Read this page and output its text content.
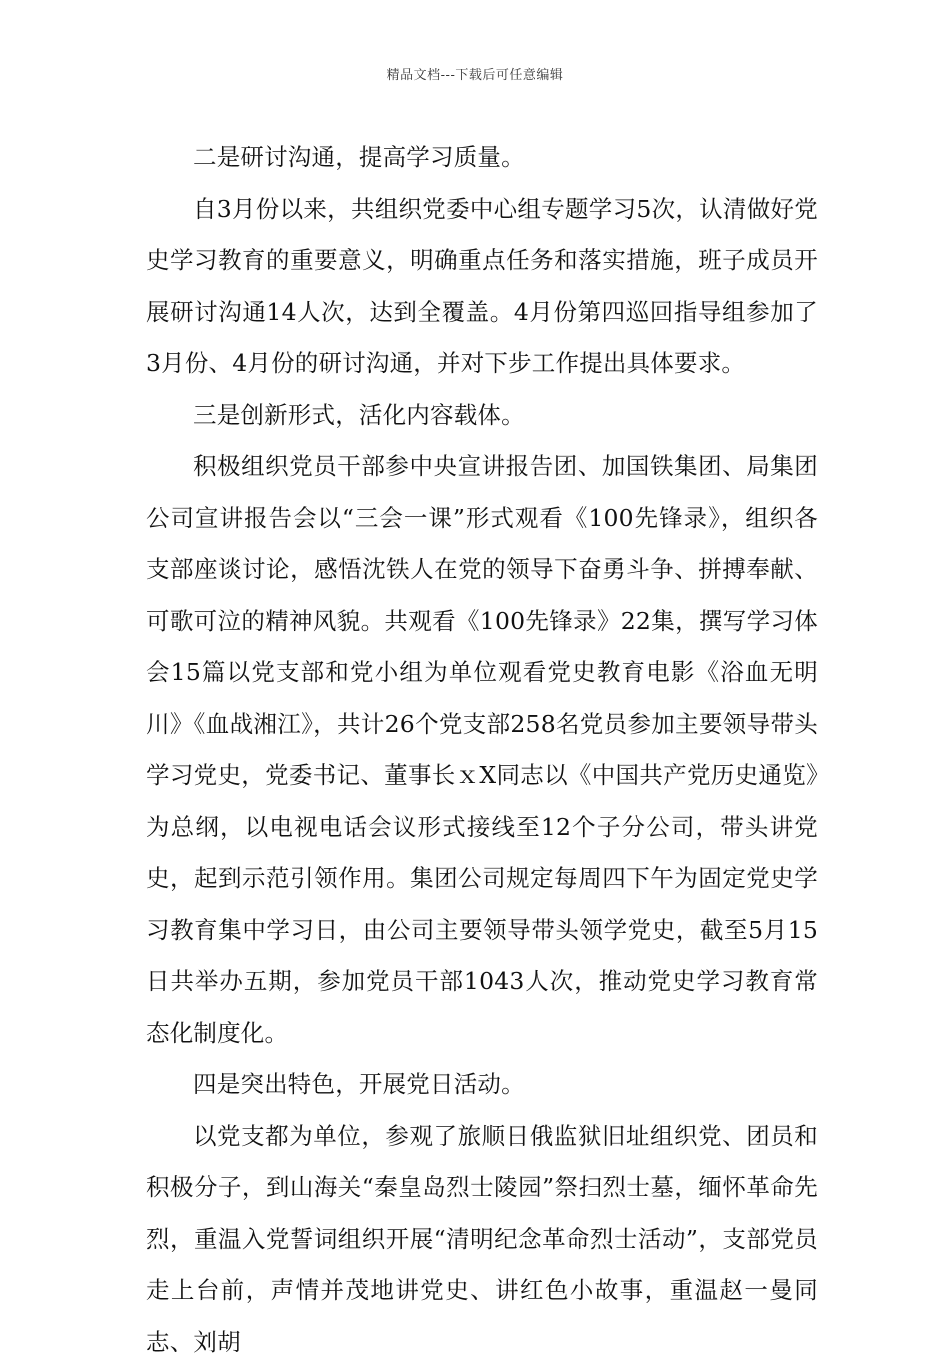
精品文档---下载后可任意编辑

二是研讨沟通，提高学习质量。

自3月份以来，共组织党委中心组专题学习5次，认清做好党史学习教育的重要意义，明确重点任务和落实措施，班子成员开展研讨沟通14人次，达到全覆盖。4月份第四巡回指导组参加了3月份、4月份的研讨沟通，并对下步工作提出具体要求。

三是创新形式，活化内容载体。

积极组织党员干部参中央宣讲报告团、加国铁集团、局集团公司宣讲报告会以“三会一课”形式观看《100先锋录》，组织各支部座谈讨论，感悟沈铁人在党的领导下奋勇斗争、拼搏奉献、可歌可泣的精神风貌。共观看《100先锋录》22集，撰写学习体会15篇以党支部和党小组为单位观看党史教育电影《浴血无明川》《血战湘江》，共计26个党支部258名党员参加主要领导带头学习党史，党委书记、董事长ｘX同志以《中国共产党历史通览》为总纲，以电视电话会议形式接线至12个子分公司，带头讲党史，起到示范引领作用。集团公司规定每周四下午为固定党史学习教育集中学习日，由公司主要领导带头领学党史，截至5月15日共举办五期，参加党员干部1043人次，推动党史学习教育常态化制度化。

四是突出特色，开展党日活动。

以党支都为单位，参观了旅顺日俄监狱旧址组织党、团员和积极分子，到山海关“秦皇岛烈士陵园”祭扫烈士墓，缅怀革命先烈，重温入党誓词组织开展“清明纪念革命烈士活动”，支部党员走上台前，声情并茂地讲党史、讲红色小故事，重温赵一曼同志、刘胡
